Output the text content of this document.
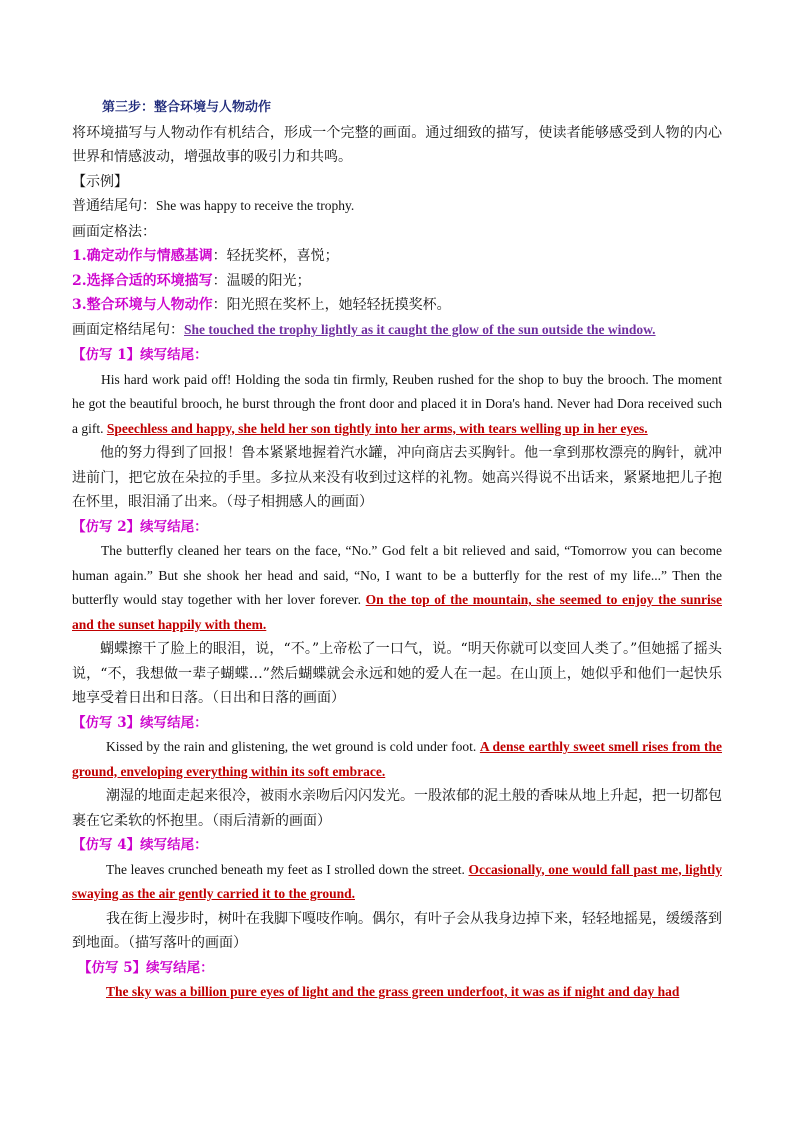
第三步：整合环境与人物动作
将环境描写与人物动作有机结合，形成一个完整的画面。通过细致的描写，使读者能够感受到人物的内心世界和情感波动，增强故事的吸引力和共鸣。
【示例】
普通结尾句：She was happy to receive the trophy.
画面定格法：
1.确定动作与情感基调：轻抚奖杯，喜悦；
2.选择合适的环境描写：温暖的阳光；
3.整合环境与人物动作：阳光照在奖杯上，她轻轻抚摸奖杯。
画面定格结尾句：She touched the trophy lightly as it caught the glow of the sun outside the window.
【仿写 1】续写结尾：
His hard work paid off! Holding the soda tin firmly, Reuben rushed for the shop to buy the brooch. The moment he got the beautiful brooch, he burst through the front door and placed it in Dora's hand. Never had Dora received such a gift. Speechless and happy, she held her son tightly into her arms, with tears welling up in her eyes.
他的努力得到了回报！鲁本紧紧地握着汽水罐，冲向商店去买胸针。他一拿到那枚漂亮的胸针，就冲进前门，把它放在朵拉的手里。多拉从来没有收到过这样的礼物。她高兴得说不出话来，紧紧地把儿子抱在怀里，眼泪涌了出来。（母子相拥感人的画面）
【仿写 2】续写结尾：
The butterfly cleaned her tears on the face, “No.” God felt a bit relieved and said, “Tomorrow you can become human again.” But she shook her head and said, “No, I want to be a butterfly for the rest of my life...” Then the butterfly would stay together with her lover forever. On the top of the mountain, she seemed to enjoy the sunrise and the sunset happily with them.
蝴蝶擦干了脸上的眼泪，说，“不。”上帝松了一口气，说。“明天你就可以变回人类了。”但她摇了摇头说，“不，我想做一辈子蝴蝶…”然后蝴蝶就会永远和她的爱人在一起。在山顶上，她似乎和他们一起快乐地享受着日出和日落。（日出和日落的画面）
【仿写 3】续写结尾：
Kissed by the rain and glistening, the wet ground is cold under foot. A dense earthly sweet smell rises from the ground, enveloping everything within its soft embrace.
潮湿的地面走起来很冷，被雨水亲吻后闪闪发光。一股浓郁的泥土般的香味从地上升起，把一切都包裹在它柔软的怀抱里。（雨后清新的画面）
【仿写 4】续写结尾：
The leaves crunched beneath my feet as I strolled down the street. Occasionally, one would fall past me, lightly swaying as the air gently carried it to the ground.
我在街上漫步时，树叶在我脚下嘎吱作响。偶尔，有叶子会从我身边掉下来，轻轻地摇晃，缓缓落到到地面。（描写落叶的画面）
【仿写 5】续写结尾：
The sky was a billion pure eyes of light and the grass green underfoot, it was as if night and day had
